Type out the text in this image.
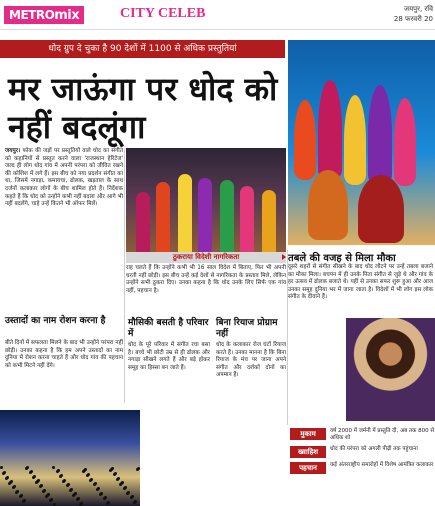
METROmix	CITY CELEB	जयपुर, रवि
28 फरवरी 20
धोद ग्रुप दे चुका है 90 देशों में 1100 से अधिक प्रस्तुतियां
मर जाऊंगा पर धोद को नहीं बदलूंगा
जयपुर। फोक की जड़ों पर प्रस्तुतियों वाले धोद का संगीत को कहानियों से प्रस्तुत करने वाला 'राजस्थान हेरिटेज' जल्द ही लोग धोद गांव में अपनी परंपरा को जीवित रखने की कोशिश में लगे हैं। इस बीच को नया प्रदर्शन संगीत का था, जिसमें नगाड़ा, कमायचा, ढोलक, खड़ताल के साथ दर्जनों कलाकार लोगों के बीच शामिल होते हैं। निर्देशक कहते हैं कि धोद को उन्होंने कभी नहीं बदला और आगे भी नहीं बदलेंगे, चाहे उन्हें कितने भी ऑफर मिलें।
ठुकराया विदेशी नागरिकता
राह चलते हैं कि उन्होंने कभी भी 16 साल विदेश में बिताए, फिर भी अपनी धरती नहीं छोड़ी। इस बीच उन्हें कई देशों से नागरिकता के प्रस्ताव मिले, लेकिन उन्होंने सभी ठुकरा दिए। उनका कहना है कि धोद उनके लिए सिर्फ एक गांव नहीं, पहचान है।
तबले की वजह से मिला मौका
दूसरे शहरों से संगीत सीखने के बाद धोद लौटने पर उन्हें तबला बजाने का मौका मिला। बचपन में ही उनके पिता संगीत से जुड़े थे और गांव के हर उत्सव में ढोलक बजाते थे। यहीं से उनका सफर शुरू हुआ और आज उनका समूह दुनिया भर में जाना जाता है। विदेशों में भी लोग इस लोक संगीत के दीवाने हैं।
उस्तादों का नाम रोशन करना है
बीते दिनों में सफलता मिलने के बाद भी उन्होंने परंपरा नहीं छोड़ी। उनका कहना है कि हम अपने उस्तादों का नाम दुनिया में रोशन करना चाहते हैं और धोद गांव की पहचान को कभी मिटने नहीं देंगे।
मौसिकी बसती है परिवार में
धोद के पूरे परिवार में संगीत रचा बसा है। बच्चे भी छोटी उम्र से ही ढोलक और नगाड़ा सीखने लगते हैं और बड़े होकर समूह का हिस्सा बन जाते हैं।
बिना रियाज प्रोग्राम नहीं
धोद के कलाकार रोज घंटों रियाज करते हैं। उनका मानना है कि बिना रियाज के मंच पर जाना अपने संगीत और दर्शकों दोनों का अपमान है।
मुकाम	वर्ष 2000 में जर्मनी में प्रस्तुति दी, अब तक 800 से अधिक शो
ख्वाहिश	धोद की परंपरा को अगली पीढ़ी तक पहुंचाना
पहचान	कई अंतरराष्ट्रीय समारोहों में विशेष आमंत्रित कलाकार
